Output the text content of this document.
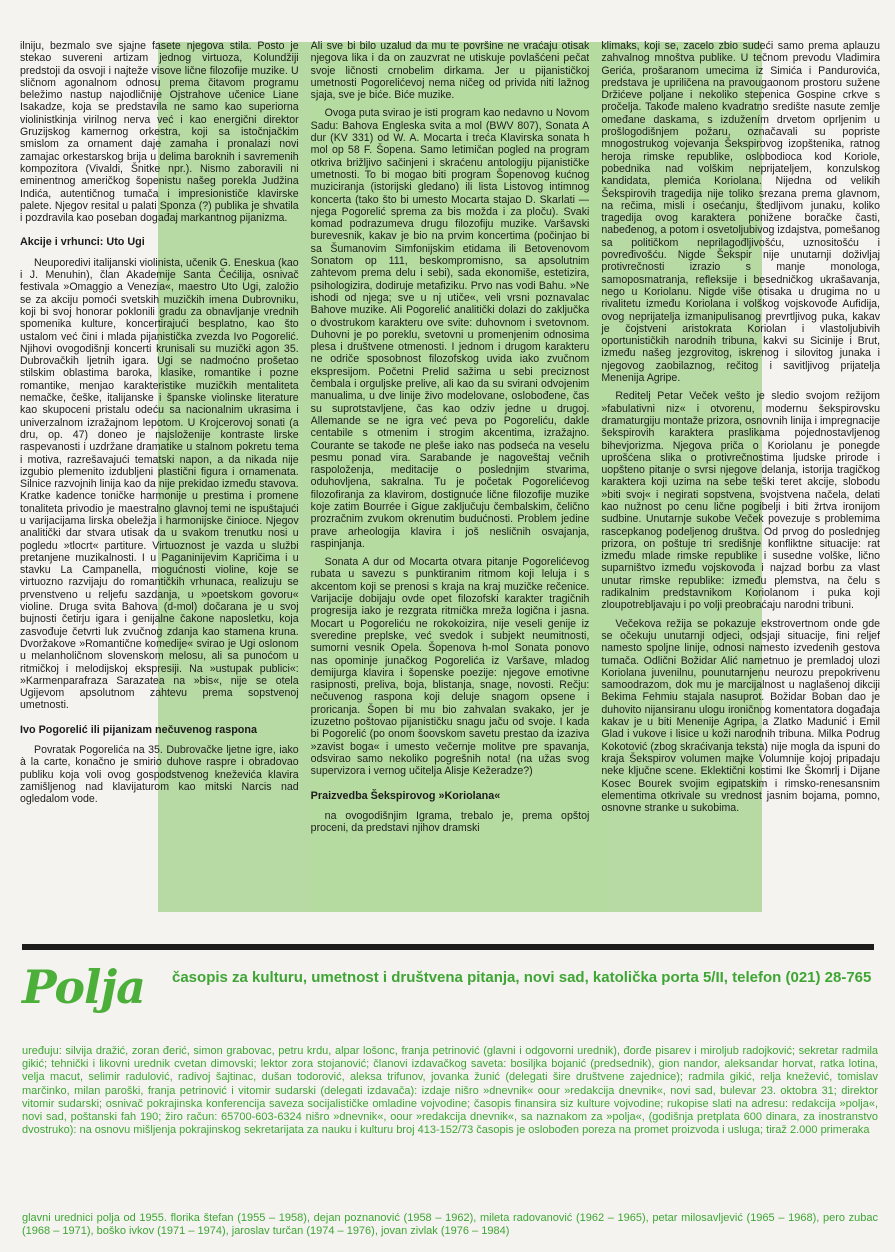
ilniju, bezmalo sve sjajne fasete njegova stila. Posto je stekao suvereni artizam jednog virtuoza, Kolundžiji predstoji da osvoji i najteže visove lične filozofije muzike. U sličnom agonalnom odnosu prema čitavom programu beležimo nastup najodličnije Ojstrahove učenice Liane Isakadze, koja se predstavila ne samo kao superiorna violinistkinja virilnog nerva već i kao energični direktor Gruzijskog kamernog orkestra, koji sa istočnjačkim smislom za ornament daje zamaha i pronalazi novi zamajac orkestarskog brija u delima baroknih i savremenih kompozitora (Vivaldi, Šnitke npr.). Nismo zaboravili ni eminentnog američkog šopenistu našeg porekla Judžina Indića, autentičnog tumača i impresionističe klavirske palete. Njegov resital u palati Sponza (?) publika je shvatila i pozdravila kao poseban događaj markantnog pijanizma.

Akcije i vrhunci: Uto Ugi

Neuporedivi italijanski violinista, učenik G. Eneskua (kao i J. Menuhin), član Akademije Santa Čećilija, osnivač festivala »Omaggio a Venezia«, maestro Uto Ugi, založio se za akciju pomoći svetskih muzičkih imena Dubrovniku, koji bi svoj honorar poklonili gradu za obnavljanje vrednih spomenika kulture, koncertirajući besplatno, kao što ustalom već čini i mlada pijanistička zvezda Ivo Pogorelić. Njihovi ovogodišnji koncerti krunisali su muzički agon 35. Dubrovačkih ljetnih igara. Ugi se nadmoćno prošetao stilskim oblastima baroka, klasike, romantike i pozne romantike, menjao karakteristike muzičkih mentaliteta nemačke, češke, italijanske i španske violinske literature kao skupoceni pristalu odeću sa nacionalnim ukrasima i univerzalnom izražajnom lepotom. U Krojcerovoj sonati (a dru, op. 47) doneo je najsloženije kontraste lirske raspevanosti i uzdržane dramatike u stalnom pokretu tema i motiva, razrešavajući tematski napon, a da nikada nije izgubio plemenito izdubljeni plastični figura i ornamenata. Silnice razvojnih linija kao da nije prekidao između stavova. Kratke kadence toničke harmonije u prestima i promene tonaliteta privodio je maestralno glavnoj temi ne ispuštajući u varijacijama lirska obeležja i harmonijske činioce. Njegov analitički dar stvara utisak da u svakom trenutku nosi u pogledu »tlocrt« partiture. Virtuoznost je vazda u službi pretanjene muzikalnosti. I u Paganinijevim Kapričima i u stavku La Campanella, mogućnosti violine, koje se virtuozno razvijaju do romantičkih vrhunaca, realizuju se prvenstveno u reljefu sazdanja, u »poetskom govoru« violine. Druga svita Bahova (d-mol) dočarana je u svoj bujnosti četirju igara i genijalne čakone naposletku, koja zasvođuje četvrti luk zvučnog zdanja kao stamena kruna. Dvoržakove »Romantične komedije« svirao je Ugi oslonom u melanholičnom slovenskom melosu, ali sa punoćom u ritmičkoj i melodijskoj ekspresiji. Na »ustupak publici«: »Karmenparafraza Sarazatea na »bis«, nije se otela Ugijevom apsolutnom zahtevu prema sopstvenoj umetnosti.

Ivo Pogorelić ili pijanizam nečuvenog raspona

Povratak Pogorelića na 35. Dubrovačke ljetne igre, iako à la carte, konačno je smirio duhove raspre i obradovao publiku koja voli ovog gospodstvenog kneževića klavira zamišljenog nad klavijaturom kao mitski Narcis nad ogledalom vode.

Ali sve bi bilo uzalud da mu te površine ne vraćaju otisak njegova lika i da on zauzvrat ne utiskuje povlašćeni pečat svoje ličnosti crnobelim dirkama. Jer u pijanističkoj umetnosti Pogorelićevoj nema ničeg od privida niti lažnog sjaja, sve je biće. Biće muzike.

Ovoga puta svirao je isti program kao nedavno u Novom Sadu: Bahova Engleska svita a mol (BWV 807), Sonata A dur (KV 331) od W. A. Mocarta i treća Klavirska sonata h mol op 58 F. Šopena. Samo letimičan pogled na program otkriva brižljivo sačinjeni i skraćenu antologiju pijanističke umetnosti. To bi mogao biti program Šopenovog kućnog muziciranja (istorijski gledano) ili lista Listovog intimnog koncerta (tako što bi umesto Mocarta stajao D. Skarlati — njega Pogorelić sprema za bis možda i za ploču). Svaki komad podrazumeva drugu filozofiju muzike. Varšavski burevesnik, kakav je bio na prvim koncertima (počinjao bi sa Šumanovim Simfonijskim etidama ili Betovenovom Sonatom op 111, beskompromisno, sa apsolutnim zahtevom prema delu i sebi), sada ekonomiše, estetizira, psihologizira, dodiruje metafiziku. Prvo nas vodi Bahu. »Ne ishodi od njega; sve u nj utiče«, veli vrsni poznavalac Bahove muzike. Ali Pogorelić analitički dolazi do zaključka o dvostrukom karakteru ove svite: duhovnom i svetovnom. Duhovni je po poreklu, svetovni u promenjenim odnosima plesa i društvene otmenosti. I jednom i drugom karakteru ne odriče sposobnost filozofskog uvida iako zvučnom ekspresijom. Početni Prelid sažima u sebi preciznost čembala i orguljske prelive, ali kao da su svirani odvojenim manualima, u dve linije živo modelovane, oslobođene, čas su suprotstavljene, čas kao odziv jedne u drugoj. Allemande se ne igra već peva po Pogoreliću, dakle centabile s otmenim i strogim akcentima, izražajno. Courante se takođe ne pleše iako nas podseća na veselu pesmu ponad vira. Sarabande je nagoveštaj večnih raspoloženja, meditacije o poslednjim stvarima, oduhovljena, sakralna. Tu je početak Pogorelićevog filozofiranja za klavirom, dostignuće lične filozofije muzike koje zatim Bourrée i Gigue zaključuju čembalskim, čelično prozračnim zvukom okrenutim budućnosti. Problem jedine prave arheologija klavira i još nesličnih osvajanja, raspinjanja.

Sonata A dur od Mocarta otvara pitanje Pogorelićevog rubata u savezu s punktiranim ritmom koji leluja i s akcentom koji se prenosi s kraja na kraj muzičke rečenice. Varijacije dobijaju ovde opet filozofski karakter tragičnih progresija iako je rezgrata ritmička mreža logična i jasna. Mocart u Pogoreliću ne rokokoizira, nije veseli genije iz sveredine preplske, već svedok i subjekt neumitnosti, sumorni vesnik Opela. Šopenova h-mol Sonata ponovo nas opominje junačkog Pogorelića iz Varšave, mladog demijurga klavira i šopenske poezije: njegove emotivne rasipnosti, preliva, boja, blistanja, snage, novosti. Rečju: nečuvenog raspona koji deluje snagom opsene i proricanja. Šopen bi mu bio zahvalan svakako, jer je izuzetno poštovao pijanističku snagu jaču od svoje. I kada bi Pogorelić (po onom šoovskom savetu prestao da izaziva »zavist boga« i umesto večernje molitve pre spavanja, odsvirao samo nekoliko pogrešnih nota! (na užas svog supervizora i vernog učitelja Alisje Kežeradze?)

Praizvedba Šekspirovog »Koriolana«

na ovogodišnjim Igrama, trebalo je, prema opštoj proceni, da predstavi njihov dramski

klimaks, koji se, zacelo zbio sudeći samo prema aplauzu zahvalnog mnoštva publike. U tečnom prevodu Vladimira Gerića, prošaranom umecima iz Simića i Pandurovića, predstava je upriličena na pravougaonom prostoru sužene Držićeve poljane i nekoliko stepenica Gospine crkve s pročelja. Takođe maleno kvadratno središte nasute zemlje omeđane daskama, s izdužením drvetom oprljenim u prošlogodišnjem požaru, označavali su popriste mnogostrukog vojevanja Šekspirovog izopštenika, ratnog heroja rimske republike, oslobodioca kod Koriole, pobednika nad volškim neprijateljem, konzulskog kandidata, plemića Koriolana. Nijedna od velikih Šekspirovih tragedija nije toliko srezana prema glavnom, na rečima, misli i osećanju, štedljivom junaku, koliko tragedija ovog karaktera ponižene boračke časti, nabeđenog, a potom i osvetoljubivog izdajstva, pomešanog sa političkom neprilagođljivošću, uznositošću i povređivošću. Nigde Šekspir nije unutarnji doživljaj protivrečnosti izrazio s manje monologa, samoposmatranja, refleksije i besedničkog ukrašavanja, nego u Koriolanu. Nigde više otisaka u drugima no u rivalitetu između Koriolana i volškog vojskovođe Aufidija, ovog neprijatelja izmanipulisanog prevrtljivog puka, kakav je čojstveni aristokrata Koriolan i vlastoljubivih oportunističkih narodnih tribuna, kakvi su Sicinije i Brut, između našeg jezgrovitog, iskrenog i silovitog junaka i njegovog zaobilaznog, rečitog i savitljivog prijatelja Menenija Agripe.

Reditelj Petar Veček vešto je sledio svojom režijom »fabulativni niz« i otvorenu, modernu šekspirovsku dramaturgiju montaže prizora, osnovnih linija i impregnacije šekspirovih karaktera praslikama pojednostavljenog bihevjorizma. Njegova priča o Koriolanu je ponegde uprošćena slika o protivrečnostima ljudske prirode i uopšteno pitanje o svrsi njegove delanja, istorija tragičkog karaktera koji uzima na sebe teški teret akcije, slobodu »biti svoj« i negirati sopstvena, svojstvena načela, delati kao nužnost po cenu lične pogibelji i biti žrtva ironijom sudbine. Unutarnje sukobe Veček povezuje s problemima rascepkanog podeljenog društva. Od prvog do poslednjeg prizora, on poštuje tri središnje konfliktne situacije: rat između mlade rimske republike i susedne volške, lično suparništvo između vojskovođa i najzad borbu za vlast unutar rimske republike: između plemstva, na čelu s radikalnim predstavnikom Koriolanom i puka koji zloupotrebljavaju i po volji preobraćaju narodni tribuni.

Večekova režija se pokazuje ekstrovertnom onde gde se očekuju unutarnji odjeci, odsjaji situacije, fini reljef namesto spoljne linije, odnosi namesto izvedenih gestova tumača. Odlični Božidar Alić nametnuo je premladoj ulozi Koriolana juvenilnu, pounutarnjenu neurozu prepokrivenu samoodrazom, dok mu je marcijalnost u naglašenoj dikciji Bekima Fehmiu stajala nasuprot. Božidar Boban dao je duhovito nijansiranu ulogu ironičnog komentatora događaja kakav je u biti Menenije Agripa, a Zlatko Madunić i Emil Glad i vukove i lisice u koži narodnih tribuna. Milka Podrug Kokotović (zbog skraćivanja teksta) nije mogla da ispuni do kraja Šekspirov volumen majke Volumnije kojoj pripadaju neke ključne scene. Eklektični kostimi Ike Škomrlj i Dijane Kosec Bourek svojim egipatskim i rimsko-renesansnim elementima otkrivale su vrednost jasnim bojama, pomno, osnovne stranke u sukobima.

Polja časopis za kulturu, umetnost i društvena pitanja, novi sad, katolička porta 5/II, telefon (021) 28-765
uređuju: silvija dražić, zoran đerić, simon grabovac, petru krdu, alpar lošonc, franja petrinović (glavni i odgovorni urednik), đorđe pisarev i miroljub radojković; sekretar radmila gikić; tehnički i likovni urednik cvetan dimovski; lektor zora stojanović; članovi izdavačkog saveta: bosiljka bojanić (predsednik), gion nandor, aleksandar horvat, ratka lotina, velja macut, selimir radulović, radivoj šajtinac, dušan todorović, aleksa trifunov, jovanka žunić (delegati šire društvene zajednice); radmila gikić, relja knežević, tomislav marčinko, milan paroški, franja petrinović i vitomir sudarski (delegati izdavača): izdaje nišro »dnevnik« oour »redakcija dnevnik«, novi sad, bulevar 23. oktobra 31; direktor vitomir sudarski; osnivač pokrajinska konferencija saveza socijalističke omladine vojvodine; časopis finansira siz kulture vojvodine; rukopise slati na adresu: redakcija »polja«, novi sad, poštanski fah 190; žiro račun: 65700-603-6324 nišro »dnevnik«, oour »redakcija dnevnik«, sa naznakom za »polja«, (godišnja pretplata 600 dinara, za inostranstvo dvostruko): na osnovu mišljenja pokrajinskog sekretarijata za nauku i kulturu broj 413-152/73 časopis je oslobođen poreza na promet proizvoda i usluga; tiraž 2.000 primeraka
glavni urednici polja od 1955. florika štefan (1955 – 1958), dejan poznanović (1958 – 1962), mileta radovanović (1962 – 1965), petar milosavljević (1965 – 1968), pero zubac (1968 – 1971), boško ivkov (1971 – 1974), jaroslav turčan (1974 – 1976), jovan zivlak (1976 – 1984)
